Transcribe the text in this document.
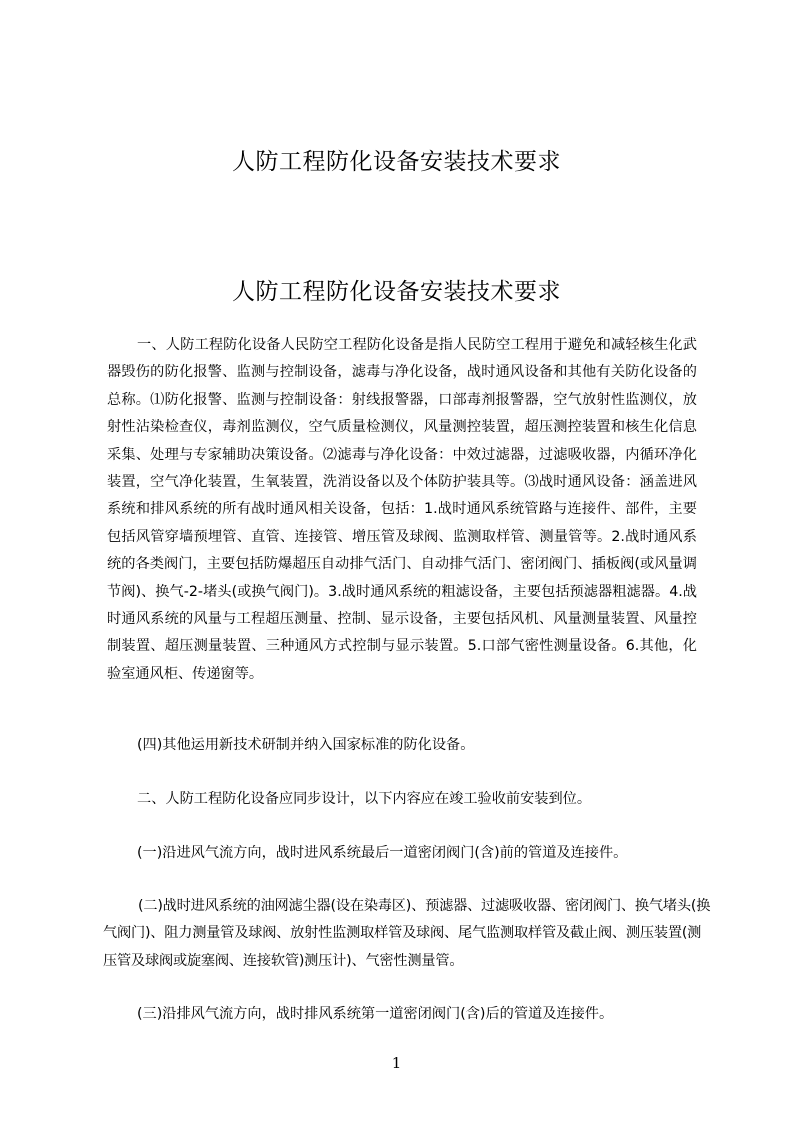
人防工程防化设备安装技术要求
人防工程防化设备安装技术要求

一、人防工程防化设备人民防空工程防化设备是指人民防空工程用于避免和减轻核生化武器毁伤的防化报警、监测与控制设备，滤毒与净化设备，战时通风设备和其他有关防化设备的总称。⑴防化报警、监测与控制设备：射线报警器，口部毒剂报警器，空气放射性监测仪，放射性沾染检查仪，毒剂监测仪，空气质量检测仪，风量测控装置，超压测控装置和核生化信息采集、处理与专家辅助决策设备。⑵滤毒与净化设备：中效过滤器，过滤吸收器，内循环净化装置，空气净化装置，生氧装置，洗消设备以及个体防护装具等。⑶战时通风设备：涵盖进风系统和排风系统的所有战时通风相关设备，包括：1.战时通风系统管路与连接件、部件，主要包括风管穿墙预埋管、直管、连接管、增压管及球阀、监测取样管、测量管等。2.战时通风系统的各类阀门，主要包括防爆超压自动排气活门、自动排气活门、密闭阀门、插板阀(或风量调节阀)、换气-2-堵头(或换气阀门)。3.战时通风系统的粗滤设备，主要包括预滤器粗滤器。4.战时通风系统的风量与工程超压测量、控制、显示设备，主要包括风机、风量测量装置、风量控制装置、超压测量装置、三种通风方式控制与显示装置。5.口部气密性测量设备。6.其他，化验室通风柜、传递窗等。

(四)其他运用新技术研制并纳入国家标准的防化设备。

二、人防工程防化设备应同步设计，以下内容应在竣工验收前安装到位。

(一)沿进风气流方向，战时进风系统最后一道密闭阀门(含)前的管道及连接件。

(二)战时进风系统的油网滤尘器(设在染毒区)、预滤器、过滤吸收器、密闭阀门、换气堵头(换气阀门)、阻力测量管及球阀、放射性监测取样管及球阀、尾气监测取样管及截止阀、测压装置(测压管及球阀或旋塞阀、连接软管)测压计)、气密性测量管。

(三)沿排风气流方向，战时排风系统第一道密闭阀门(含)后的管道及连接件。

1
